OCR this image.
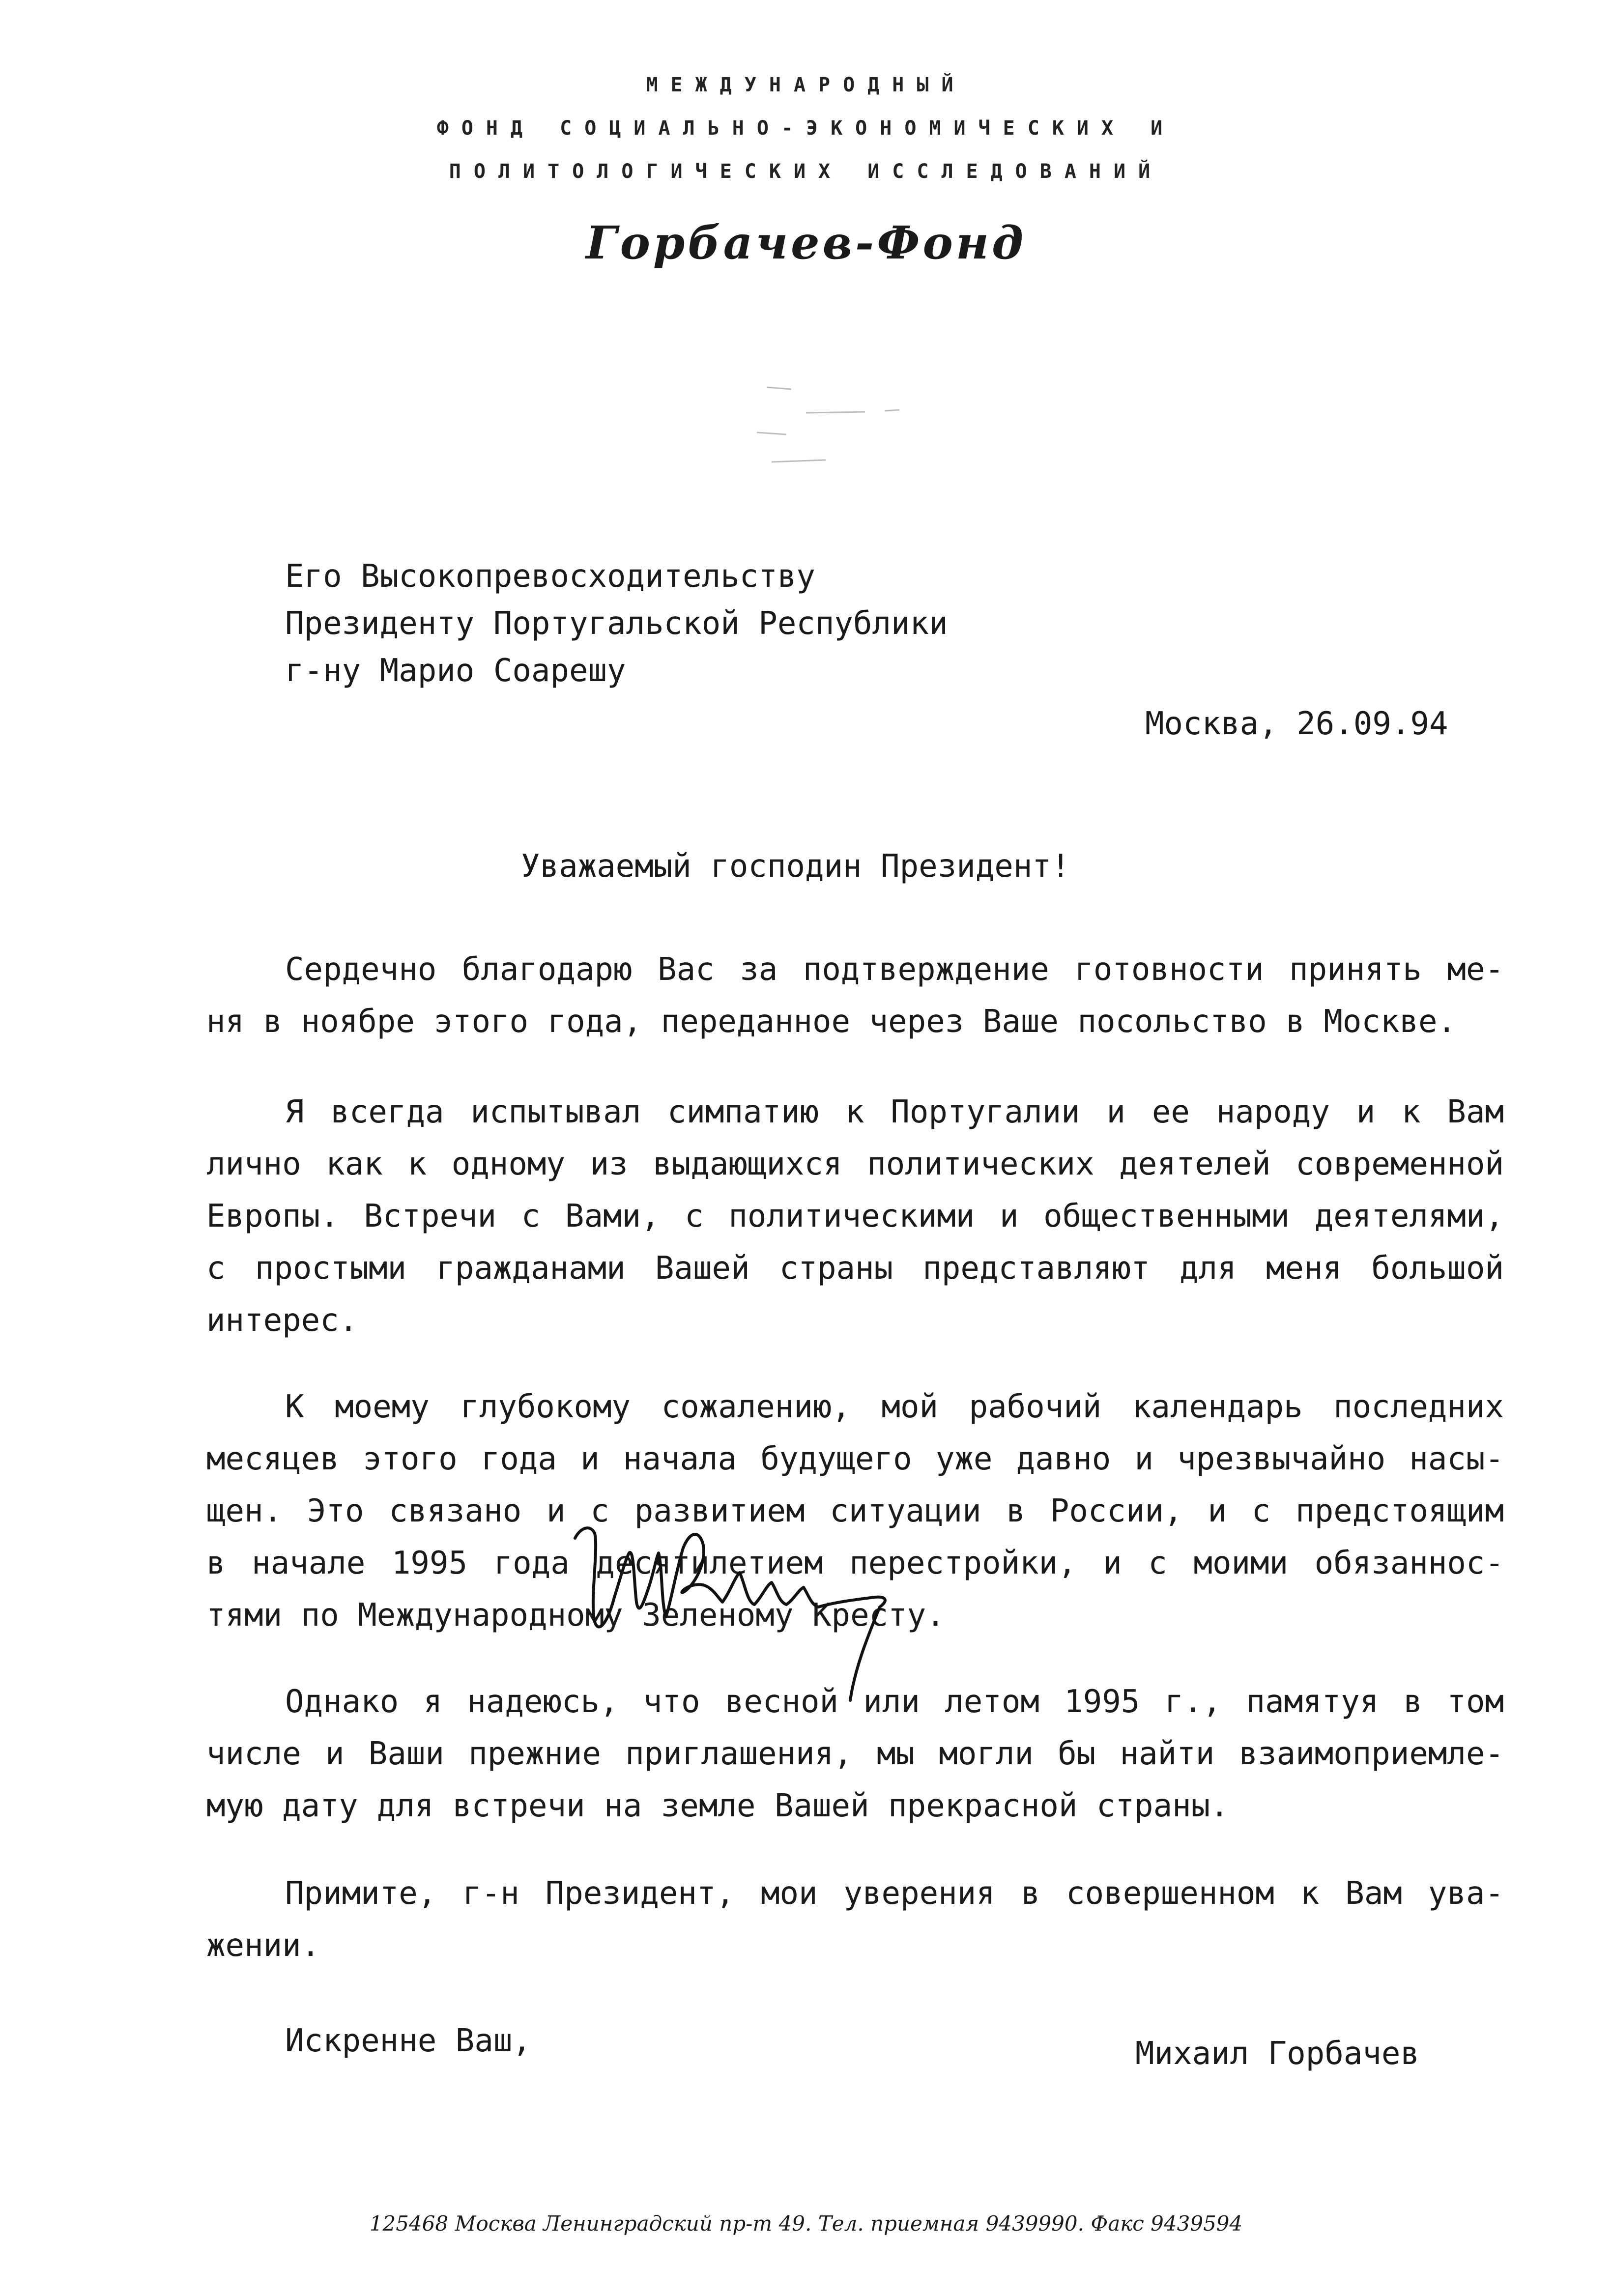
МЕЖДУНАРОДНЫЙ
ФОНД СОЦИАЛЬНО-ЭКОНОМИЧЕСКИХ И
ПОЛИТОЛОГИЧЕСКИХ ИССЛЕДОВАНИЙ
Горбачев-Фонд
Его Высокопревосходительству
Президенту Португальской Республики
г-ну Марио Соарешу
Москва, 26.09.94
Уважаемый господин Президент!
Сердечно благодарю Вас за подтверждение готовности принять ме-
ня в ноябре этого года, переданное через Ваше посольство в Москве.
Я всегда испытывал симпатию к Португалии и ее народу и к Вам
лично как к одному из выдающихся политических деятелей современной
Европы. Встречи с Вами, с политическими и общественными деятелями,
с простыми гражданами Вашей страны представляют для меня большой
интерес.
К моему глубокому сожалению, мой рабочий календарь последних
месяцев этого года и начала будущего уже давно и чрезвычайно насы-
щен. Это связано и с развитием ситуации в России, и с предстоящим
в начале 1995 года десятилетием перестройки, и с моими обязаннос-
тями по Международному Зеленому Кресту.
Однако я надеюсь, что весной или летом 1995 г., памятуя в том
числе и Ваши прежние приглашения, мы могли бы найти взаимоприемле-
мую дату для встречи на земле Вашей прекрасной страны.
Примите, г-н Президент, мои уверения в совершенном к Вам ува-
жении.
Искренне Ваш,	Михаил Горбачев
125468 Москва Ленинградский пр-т 49. Тел. приемная 9439990. Факс 9439594
